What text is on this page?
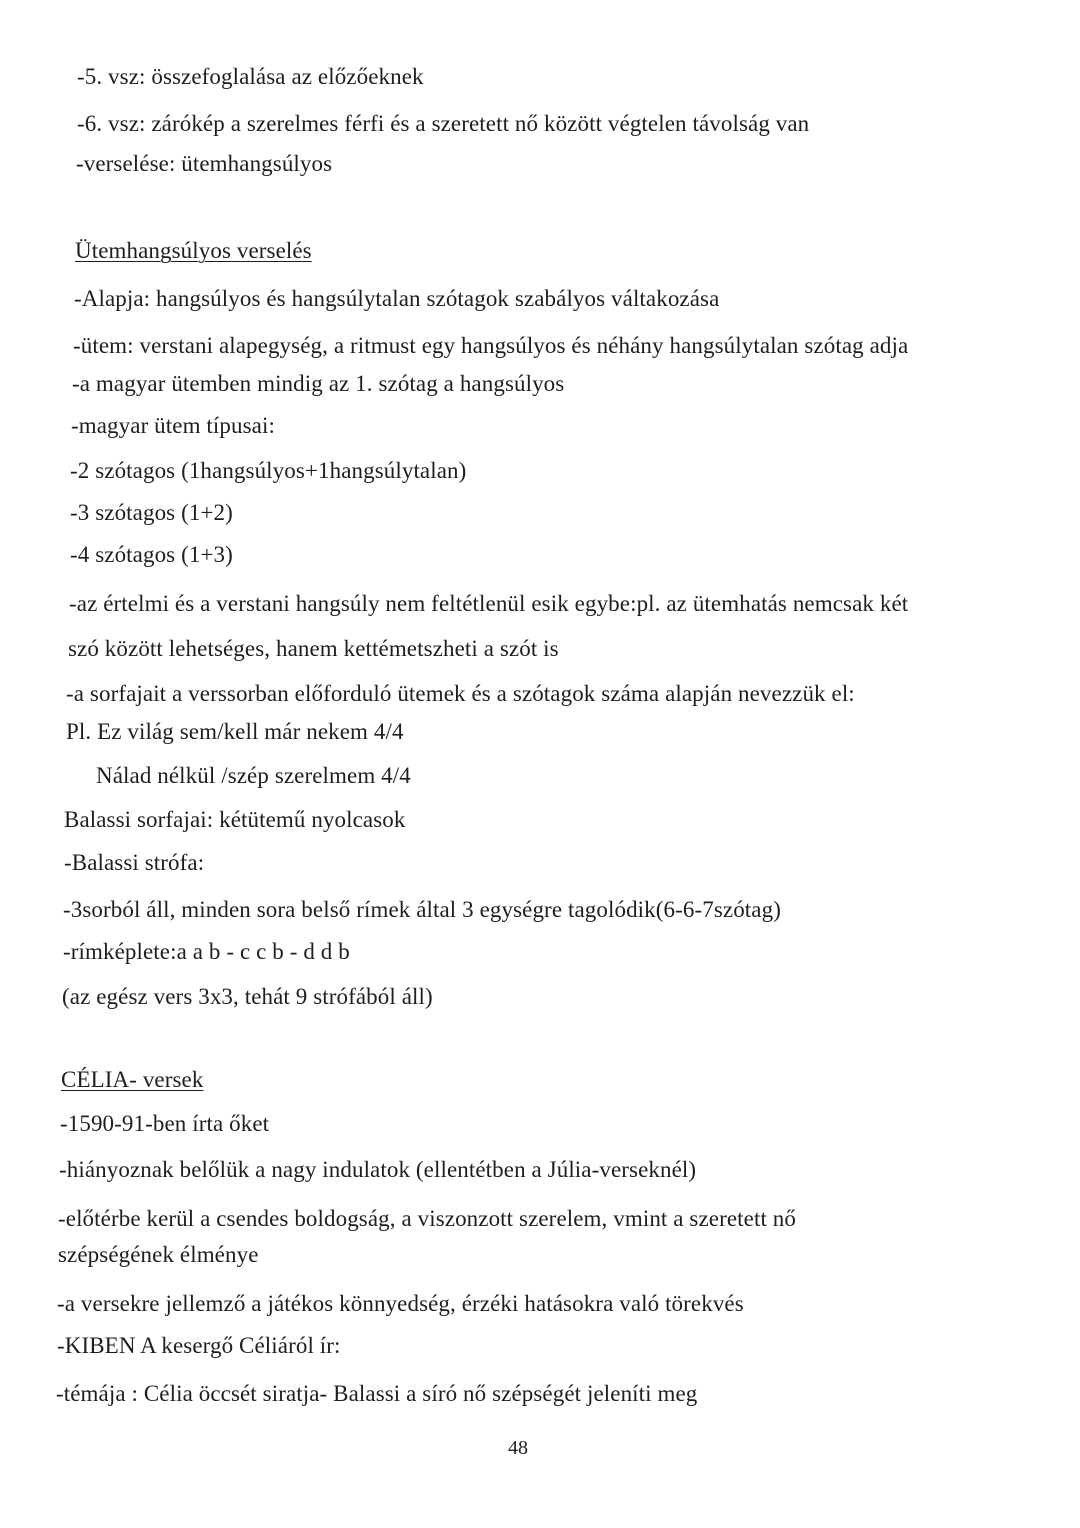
-5. vsz: összefoglalása az előzőeknek
-6. vsz: zárókép a szerelmes férfi és a szeretett nő között végtelen távolság van
-verselése: ütemhangsúlyos
Ütemhangsúlyos verselés
-Alapja: hangsúlyos és hangsúlytalan szótagok szabályos váltakozása
-ütem: verstani alapegység, a ritmust egy hangsúlyos és néhány hangsúlytalan szótag adja
-a magyar ütemben mindig az 1. szótag a hangsúlyos
-magyar ütem típusai:
-2 szótagos (1hangsúlyos+1hangsúlytalan)
-3 szótagos (1+2)
-4 szótagos (1+3)
-az értelmi és a verstani hangsúly nem feltétlenül esik egybe:pl. az ütemhatás nemcsak két
szó között lehetséges, hanem kettémetszheti a szót is
-a sorfajait a verssorban előforduló ütemek és a szótagok száma alapján nevezzük el:
Pl. Ez világ sem/kell már nekem 4/4
Nálad nélkül /szép szerelmem 4/4
Balassi sorfajai: kétütemű nyolcasok
-Balassi strófa:
-3sorból áll, minden sora belső rímek által 3 egységre tagolódik(6-6-7szótag)
-rímképlete:a a b - c c b - d d b
(az egész vers 3x3, tehát 9 strófából áll)
CÉLIA- versek
-1590-91-ben írta őket
-hiányoznak belőlük a nagy indulatok (ellentétben a Júlia-verseknél)
-előtérbe kerül a csendes boldogság, a viszonzott szerelem, vmint a szeretett nő
szépségének élménye
-a versekre jellemző a játékos könnyedség, érzéki hatásokra való törekvés
-KIBEN A kesergő Céliáról ír:
-témája : Célia öccsét siratja- Balassi a síró nő szépségét jeleníti meg
48
